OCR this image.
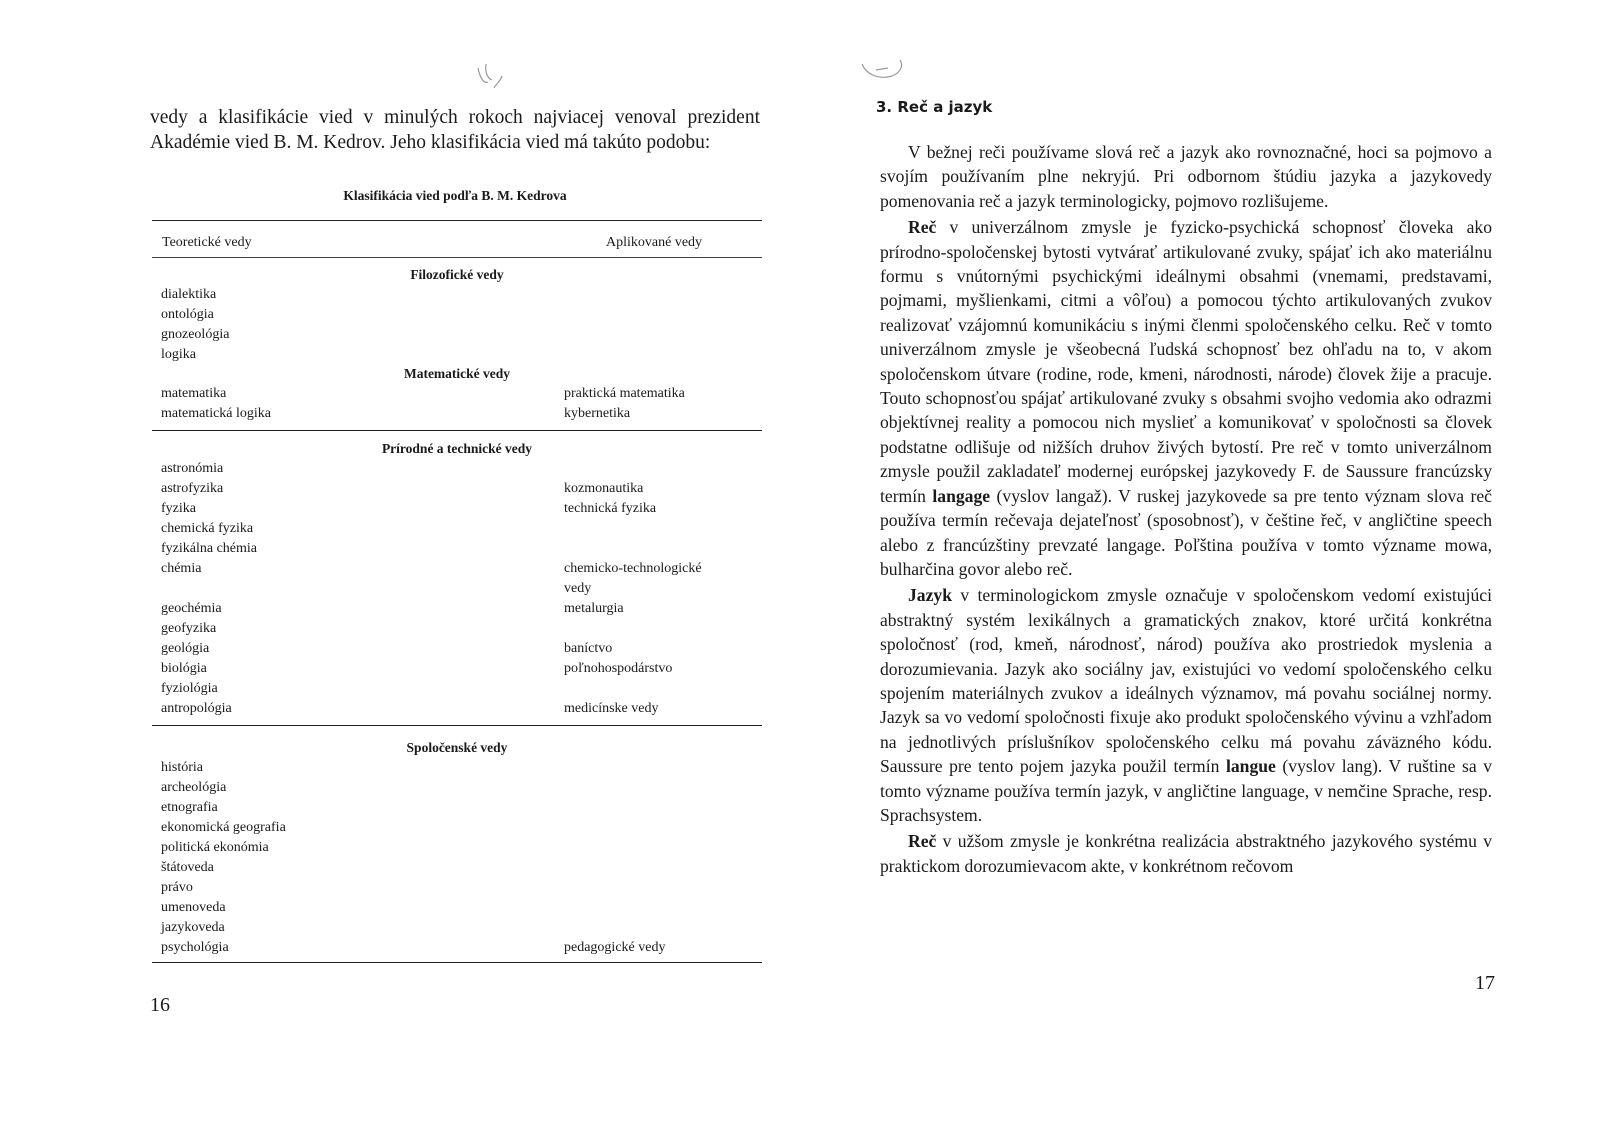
vedy a klasifikácie vied v minulých rokoch najviacej venoval prezident Akadémie vied B. M. Kedrov. Jeho klasifikácia vied má takúto podobu:

Klasifikácia vied podľa B. M. Kedrova

Teoretické vedy	Aplikované vedy

Filozofické vedy

dialektika
ontológia
gnozeológia
logika

Matematické vedy

matematika
matematická logika
praktická matematika
kybernetika

Prírodné a technické vedy

astronómia
astrofyzika
fyzika
chemická fyzika
fyzikálna chémia
chémia
geochémia
geofyzika
geológia
biológia
fyziológia
antropológia
kozmonautika
technická fyzika
chemicko-technologické
vedy
metalurgia
baníctvo
poľnohospodárstvo
medicínske vedy

Spoločenské vedy

história
archeológia
etnografia
ekonomická geografia
politická ekonómia
štátoveda
právo
umenoveda
jazykoveda
psychológia	pedagogické vedy

16

3. Reč a jazyk

V bežnej reči používame slová reč a jazyk ako rovnoznačné, hoci sa pojmovo a svojím používaním plne nekryjú. Pri odbornom štúdiu jazyka a jazykovedy pomenovania reč a jazyk terminologicky, pojmovo rozlišujeme.

Reč v univerzálnom zmysle je fyzicko-psychická schopnosť človeka ako prírodno-spoločenskej bytosti vytvárať artikulované zvuky, spájať ich ako materiálnu formu s vnútornými psychickými ideálnymi obsahmi (vnemami, predstavami, pojmami, myšlienkami, citmi a vôľou) a pomocou týchto artikulovaných zvukov realizovať vzájomnú komunikáciu s inými členmi spoločenského celku. Reč v tomto univerzálnom zmysle je všeobecná ľudská schopnosť bez ohľadu na to, v akom spoločenskom útvare (rodine, rode, kmeni, národnosti, národe) človek žije a pracuje. Touto schopnosťou spájať artikulované zvuky s obsahmi svojho vedomia ako odrazmi objektívnej reality a pomocou nich myslieť a komunikovať v spoločnosti sa človek podstatne odlišuje od nižších druhov živých bytostí. Pre reč v tomto univerzálnom zmysle použil zakladateľ modernej európskej jazykovedy F. de Saussure francúzsky termín langage (vyslov langaž). V ruskej jazykovede sa pre tento význam slova reč používa termín rečevaja dejateľnosť (sposobnosť), v češtine řeč, v angličtine speech alebo z francúzštiny prevzaté langage. Poľština používa v tomto význame mowa, bulharčina govor alebo reč.

Jazyk v terminologickom zmysle označuje v spoločenskom vedomí existujúci abstraktný systém lexikálnych a gramatických znakov, ktoré určitá konkrétna spoločnosť (rod, kmeň, národnosť, národ) používa ako prostriedok myslenia a dorozumievania. Jazyk ako sociálny jav, existujúci vo vedomí spoločenského celku spojením materiálnych zvukov a ideálnych významov, má povahu sociálnej normy. Jazyk sa vo vedomí spoločnosti fixuje ako produkt spoločenského vývinu a vzhľadom na jednotlivých príslušníkov spoločenského celku má povahu záväzného kódu. Saussure pre tento pojem jazyka použil termín langue (vyslov lang). V ruštine sa v tomto význame používa termín jazyk, v angličtine language, v nemčine Sprache, resp. Sprachsystem.

Reč v užšom zmysle je konkrétna realizácia abstraktného jazykového systému v praktickom dorozumievacom akte, v konkrétnom rečovom

17
